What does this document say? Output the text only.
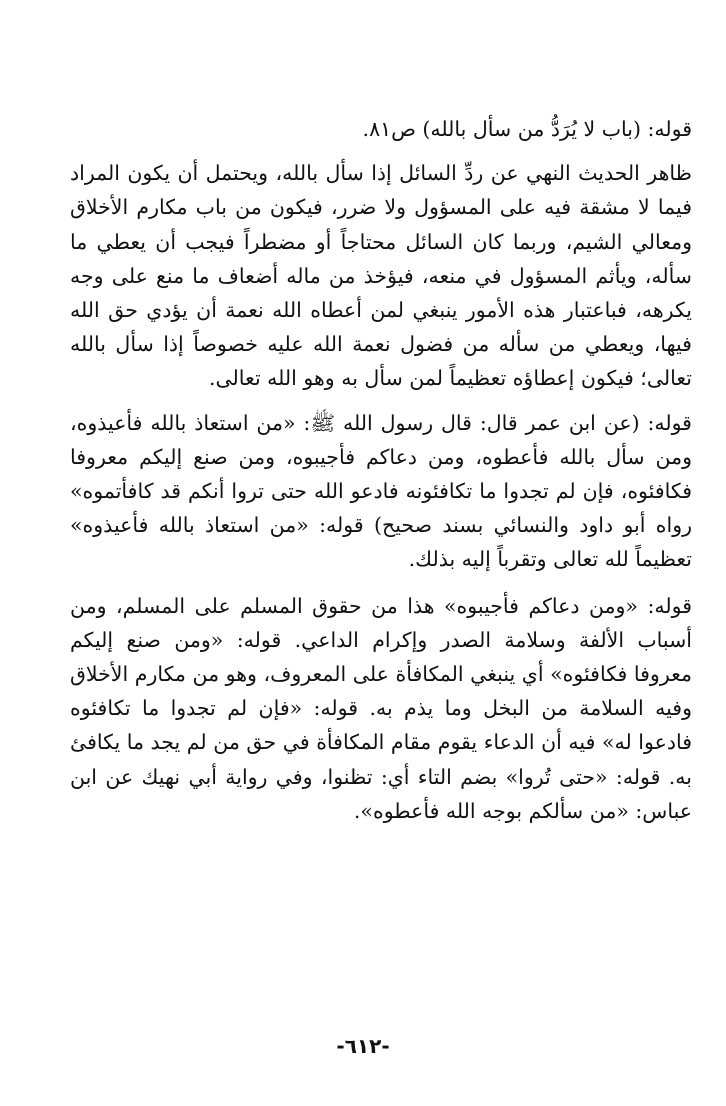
قوله: (باب لا يُرَدُّ من سأل بالله) ص٨١.

ظاهر الحديث النهي عن ردِّ السائل إذا سأل بالله، ويحتمل أن يكون المراد فيما لا مشقة فيه على المسؤول ولا ضرر، فيكون من باب مكارم الأخلاق ومعالي الشيم، وربما كان السائل محتاجاً أو مضطراً فيجب أن يعطي ما سأله، ويأثم المسؤول في منعه، فيؤخذ من ماله أضعاف ما منع على وجه يكرهه، فباعتبار هذه الأمور ينبغي لمن أعطاه الله نعمة أن يؤدي حق الله فيها، ويعطي من سأله من فضول نعمة الله عليه خصوصاً إذا سأل بالله تعالى؛ فيكون إعطاؤه تعظيماً لمن سأل به وهو الله تعالى.

قوله: (عن ابن عمر قال: قال رسول الله ﷺ: «من استعاذ بالله فأعيذوه، ومن سأل بالله فأعطوه، ومن دعاكم فأجيبوه، ومن صنع إليكم معروفا فكافئوه، فإن لم تجدوا ما تكافئونه فادعو الله حتى تروا أنكم قد كافأتموه» رواه أبو داود والنسائي بسند صحيح) قوله: «من استعاذ بالله فأعيذوه» تعظيماً لله تعالى وتقرباً إليه بذلك.

قوله: «ومن دعاكم فأجيبوه» هذا من حقوق المسلم على المسلم، ومن أسباب الألفة وسلامة الصدر وإكرام الداعي. قوله: «ومن صنع إليكم معروفا فكافئوه» أي ينبغي المكافأة على المعروف، وهو من مكارم الأخلاق وفيه السلامة من البخل وما يذم به. قوله: «فإن لم تجدوا ما تكافئوه فادعوا له» فيه أن الدعاء يقوم مقام المكافأة في حق من لم يجد ما يكافئ به. قوله: «حتى تُروا» بضم التاء أي: تظنوا، وفي رواية أبي نهيك عن ابن عباس: «من سألكم بوجه الله فأعطوه».

-٦١٢-
